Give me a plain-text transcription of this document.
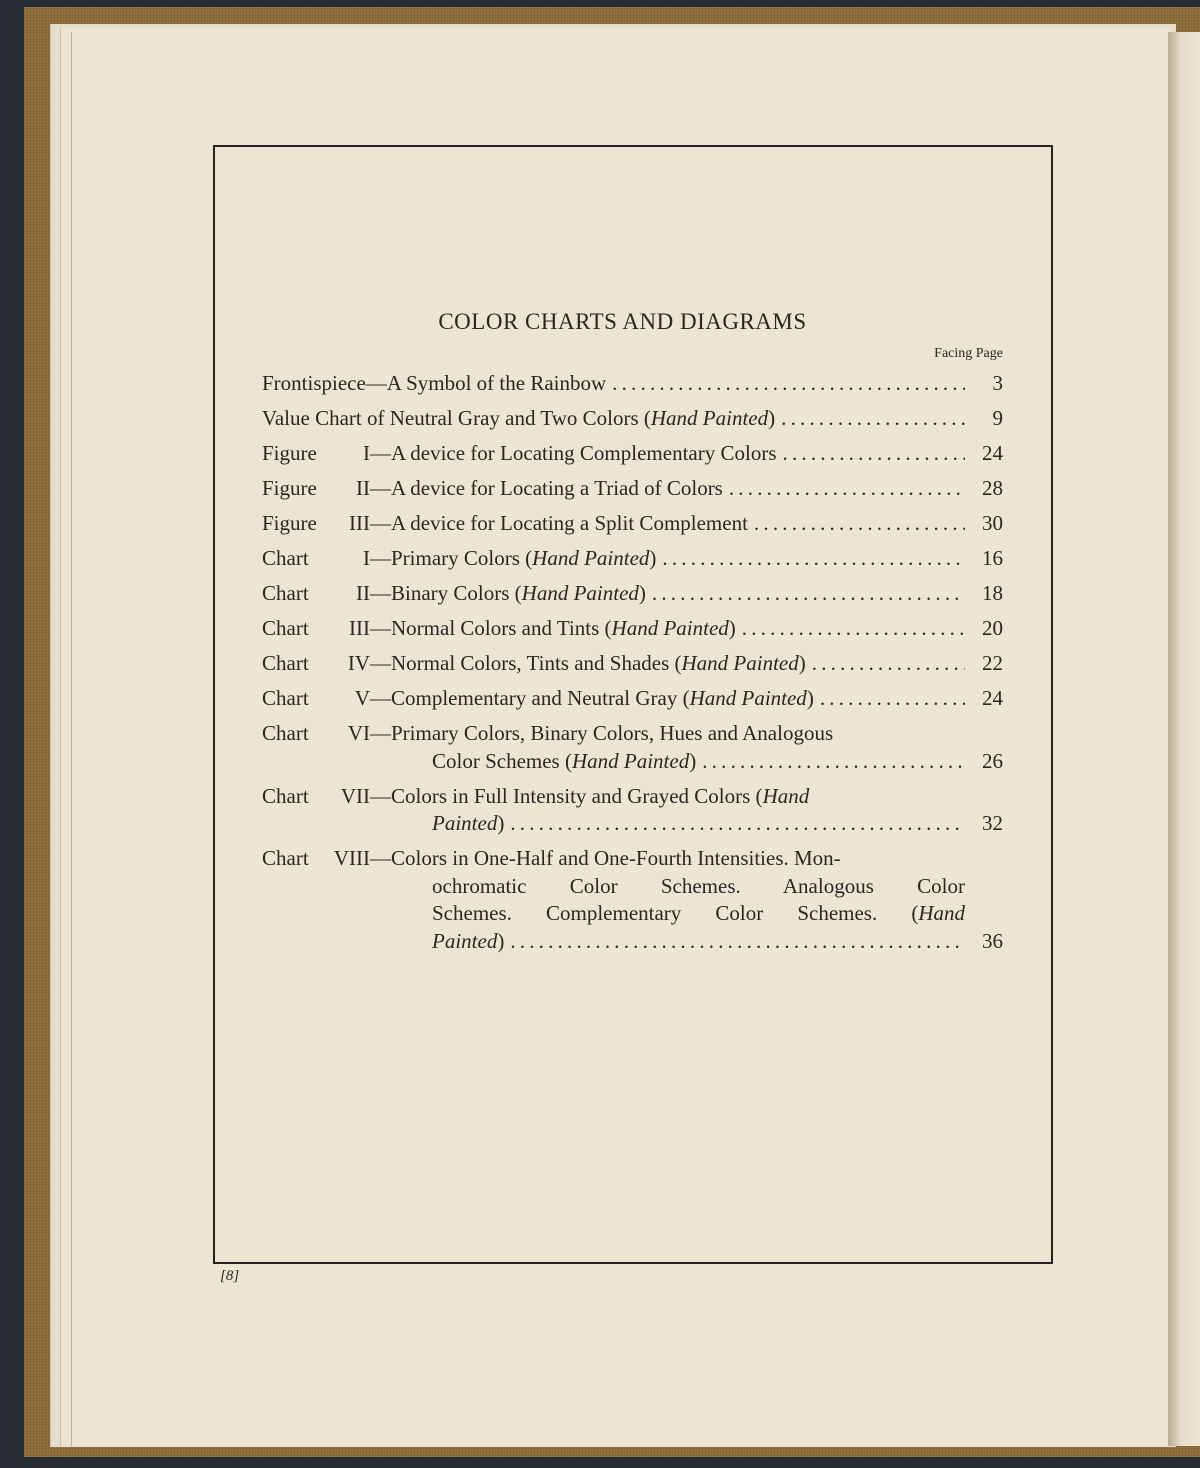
COLOR CHARTS AND DIAGRAMS
Facing Page
Frontispiece—A Symbol of the Rainbow .....	3
Value Chart of Neutral Gray and Two Colors (Hand Painted) .....	9
Figure I —A device for Locating Complementary Colors .....	24
Figure II —A device for Locating a Triad of Colors .....	28
Figure III —A device for Locating a Split Complement .....	30
Chart	I —Primary Colors (Hand Painted) .....	16
Chart II —Binary Colors (Hand Painted) .....	18
Chart III —Normal Colors and Tints (Hand Painted) .....	20
Chart IV —Normal Colors, Tints and Shades (Hand Painted) .....	22
Chart V —Complementary and Neutral Gray (Hand Painted) .....	24
Chart VI —Primary Colors, Binary Colors, Hues and Analogous
Color Schemes (Hand Painted) .....	26
Chart VII —Colors in Full Intensity and Grayed Colors (Hand
Painted) .....	32
Chart VIII —Colors in One-Half and One-Fourth Intensities. Mon-
ochromatic Color Schemes. Analogous Color
Schemes. Complementary Color Schemes. (Hand
Painted) .....	36
[8]
